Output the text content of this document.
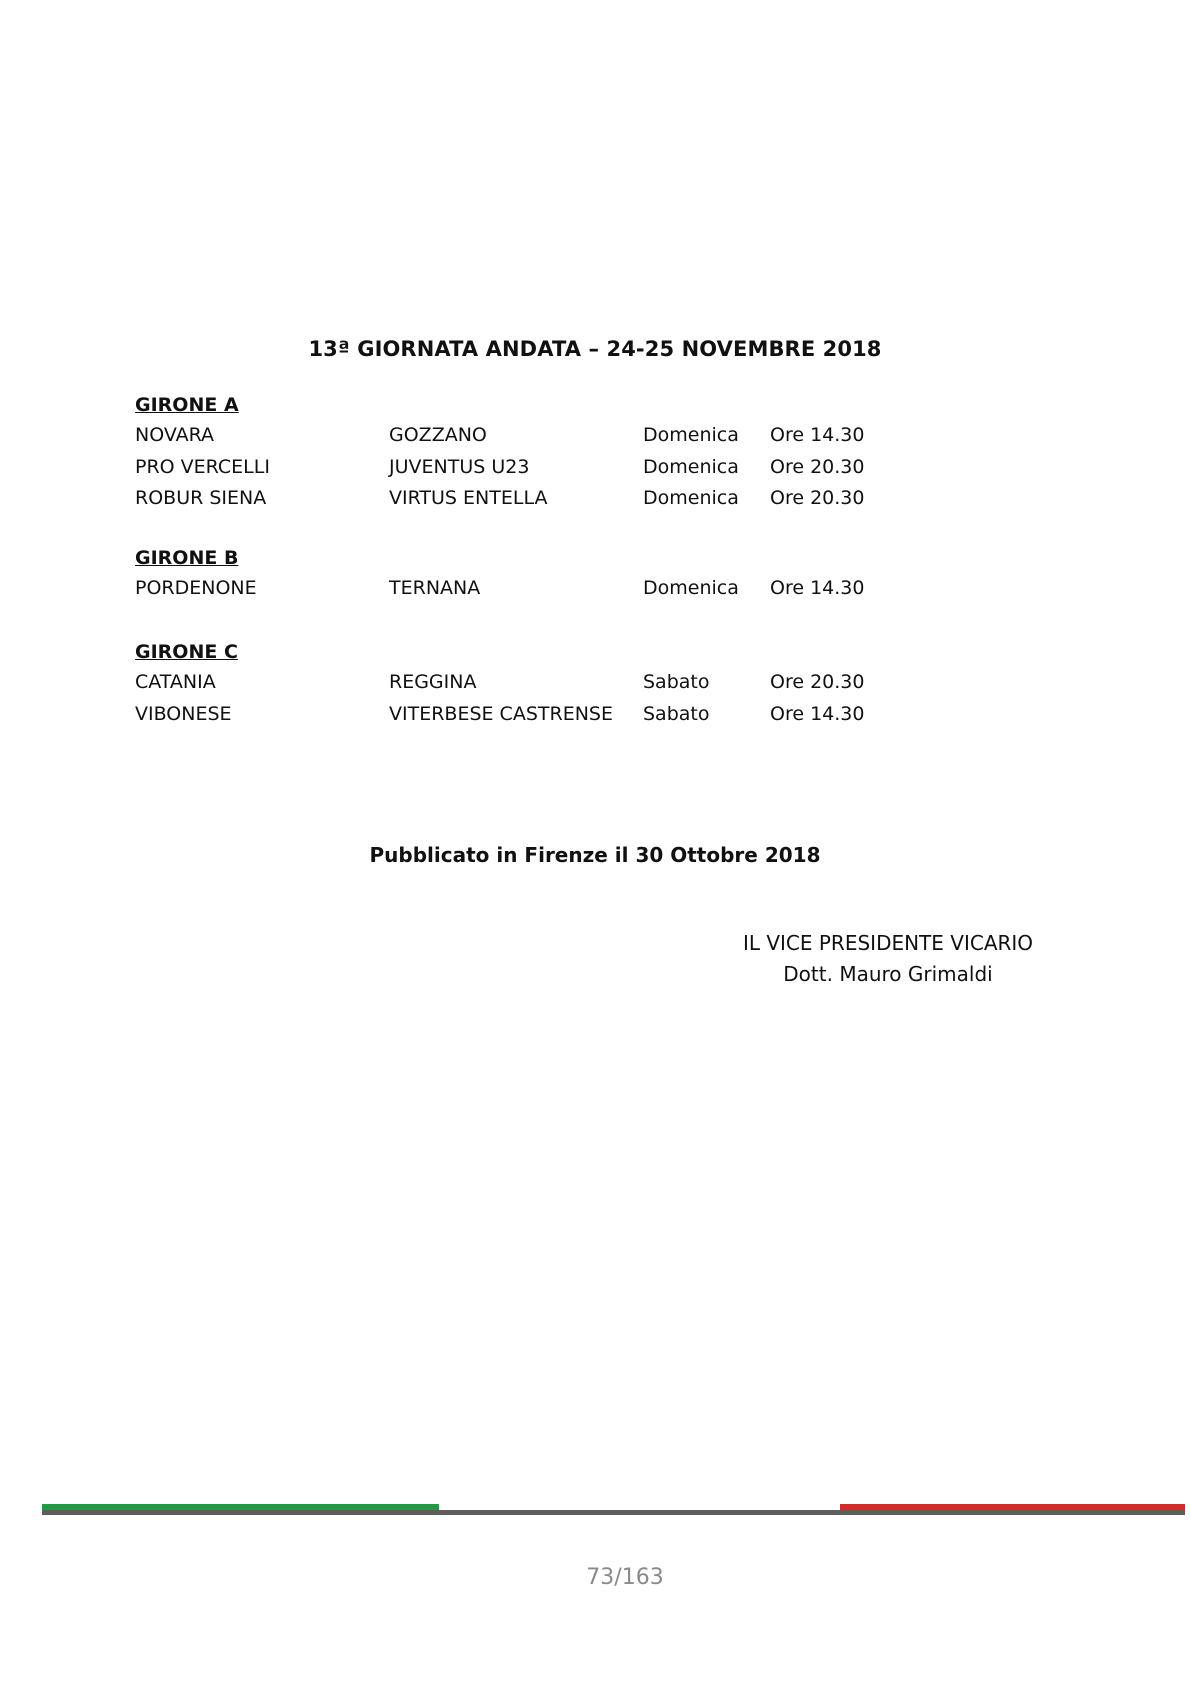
13ª GIORNATA ANDATA – 24-25 NOVEMBRE 2018
GIRONE A
NOVARA	GOZZANO	Domenica Ore 14.30
PRO VERCELLI	JUVENTUS U23	Domenica Ore 20.30
ROBUR SIENA	VIRTUS ENTELLA	Domenica Ore 20.30
GIRONE B
PORDENONE	TERNANA	Domenica Ore 14.30
GIRONE C
CATANIA	REGGINA	Sabato	Ore 20.30
VIBONESE	VITERBESE CASTRENSE Sabato	Ore 14.30
Pubblicato in Firenze il 30 Ottobre 2018
IL VICE PRESIDENTE VICARIO
Dott. Mauro Grimaldi
73/163
